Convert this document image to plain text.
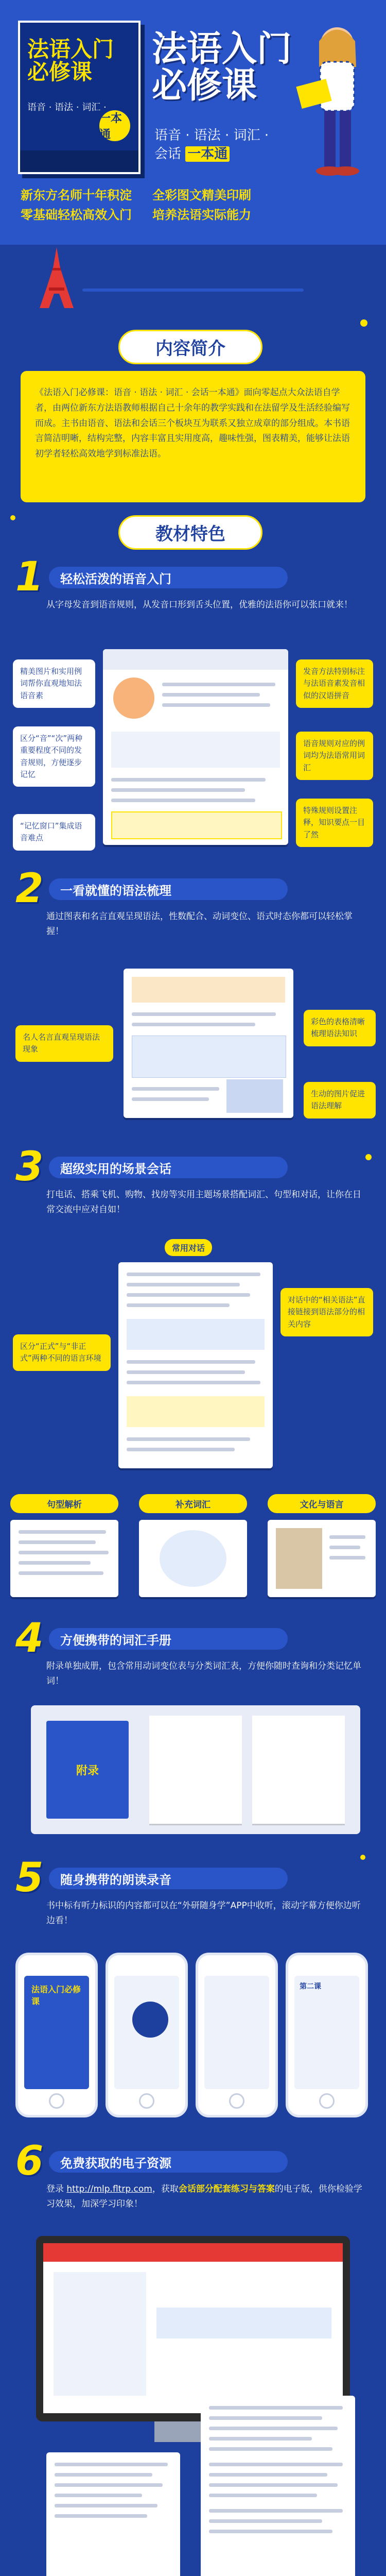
法语入门
必修课
语音 · 语法 · 词汇 ·
一本通
法语入门
必修课
语音 · 语法 · 词汇 ·
会话 一本通
新东方名师十年积淀 全彩图文精美印刷
零基础轻松高效入门 培养法语实际能力
内容简介
《法语入门必修课：语音 · 语法 · 词汇 · 会话一本通》面向零起点大众法语自学者，由两位新东方法语教师根据自己十余年的教学实践和在法留学及生活经验编写而成。主书由语音、语法和会话三个板块互为联系又独立成章的部分组成。本书语言简洁明晰，结构完整，内容丰富且实用度高，趣味性强，图表精美，能够让法语初学者轻松高效地学到标准法语。
教材特色
1	轻松活泼的语音入门
从字母发音到语音规则，从发音口形到舌头位置，优雅的法语你可以张口就来！
精美图片和实用例词帮你直观地知法语音素
区分“音”“次”两种重要程度不同的发音规则，方便逐步记忆
“记忆窗口”集成语音难点
发音方法特别标注与法语音素发音相似的汉语拼音
语音规则对应的例词均为法语常用词汇
特殊规则设置注释，知识要点一目了然
2	一看就懂的语法梳理
通过图表和名言直观呈现语法，性数配合、动词变位、语式时态你都可以轻松掌握！
名人名言直观呈现语法现象
彩色的表格清晰梳理语法知识
生动的图片促进语法理解
3	超级实用的场景会话
打电话、搭乘飞机、购物、找房等实用主题场景搭配词汇、句型和对话，让你在日常交流中应对自如！
常用对话
区分“正式”与“非正式”两种不同的语言环境
对话中的“相关语法”直接链接到语法部分的相关内容
句型解析	补充词汇	文化与语言
4	方便携带的词汇手册
附录单独成册，包含常用动词变位表与分类词汇表，方便你随时查询和分类记忆单词！
附录
5	随身携带的朗读录音
书中标有听力标识的内容都可以在“外研随身学”APP中收听，滚动字幕方便你边听边看！
法语入门必修课
第二课
6	免费获取的电子资源
登录 http://mlp.fltrp.com，获取会话部分配套练习与答案的电子版，供你检验学习效果，加深学习印象！
